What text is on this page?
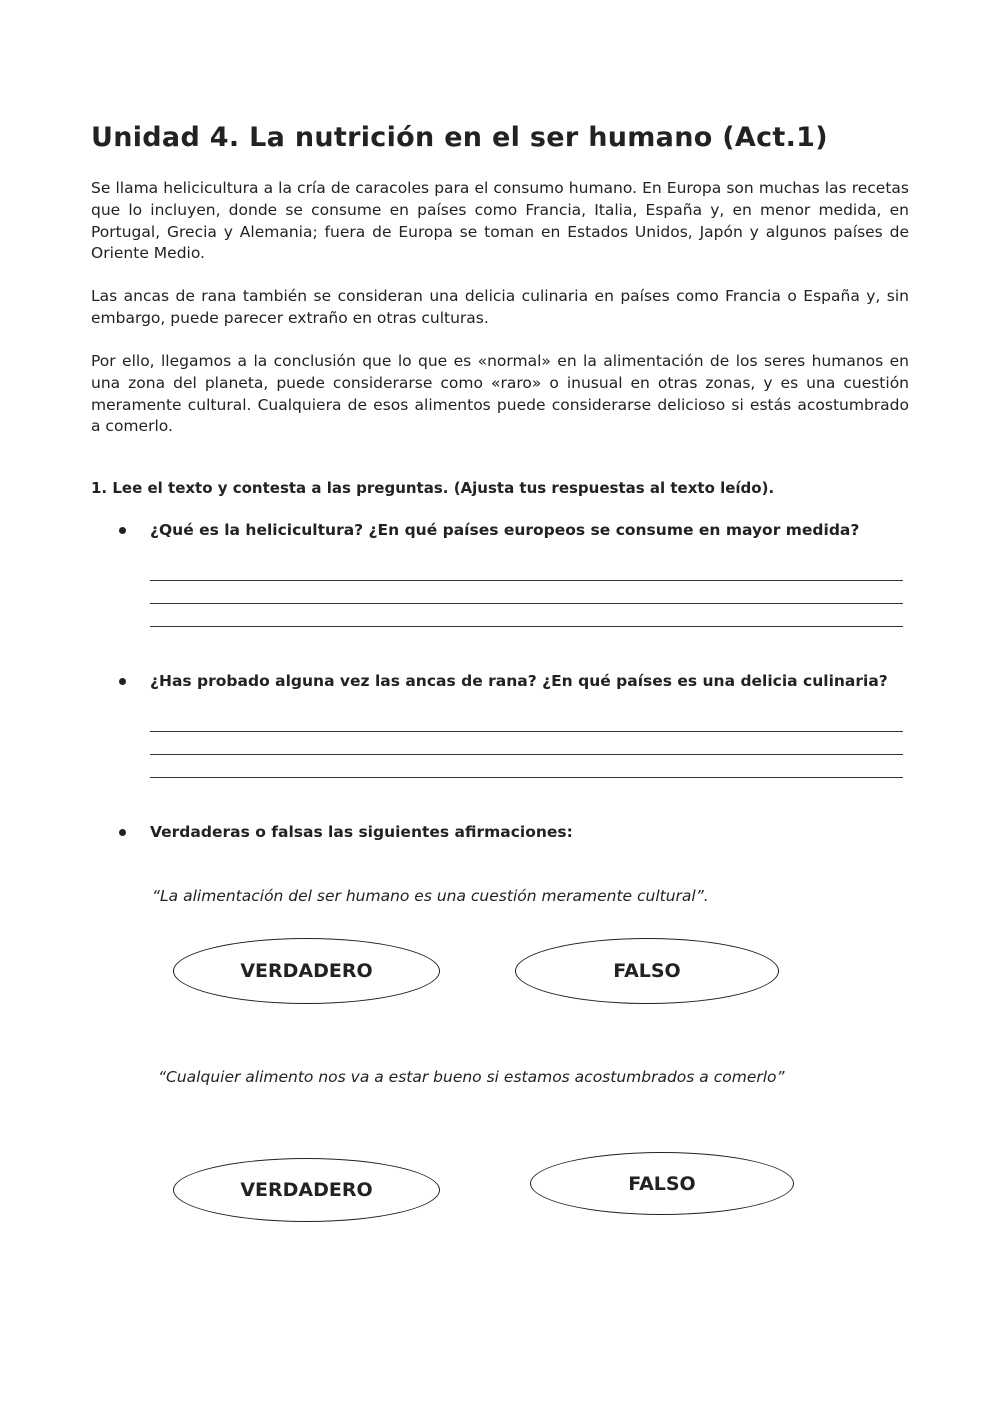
Unidad 4. La nutrición en el ser humano (Act.1)

Se llama helicicultura a la cría de caracoles para el consumo humano. En Europa son muchas las recetas que lo incluyen, donde se consume en países como Francia, Italia, España y, en menor medida, en Portugal, Grecia y Alemania; fuera de Europa se toman en Estados Unidos, Japón y algunos países de Oriente Medio.

Las ancas de rana también se consideran una delicia culinaria en países como Francia o España y, sin embargo, puede parecer extraño en otras culturas.

Por ello, llegamos a la conclusión que lo que es «normal» en la alimentación de los seres humanos en una zona del planeta, puede considerarse como «raro» o inusual en otras zonas, y es una cuestión meramente cultural. Cualquiera de esos alimentos puede considerarse delicioso si estás acostumbrado a comerlo.

1. Lee el texto y contesta a las preguntas. (Ajusta tus respuestas al texto leído).
¿Qué es la helicicultura? ¿En qué países europeos se consume en mayor medida?
¿Has probado alguna vez las ancas de rana? ¿En qué países es una delicia culinaria?
Verdaderas o falsas las siguientes afirmaciones:
“La alimentación del ser humano es una cuestión meramente cultural”.
VERDADERO	FALSO
“Cualquier alimento nos va a estar bueno si estamos acostumbrados a comerlo”
VERDADERO	FALSO
